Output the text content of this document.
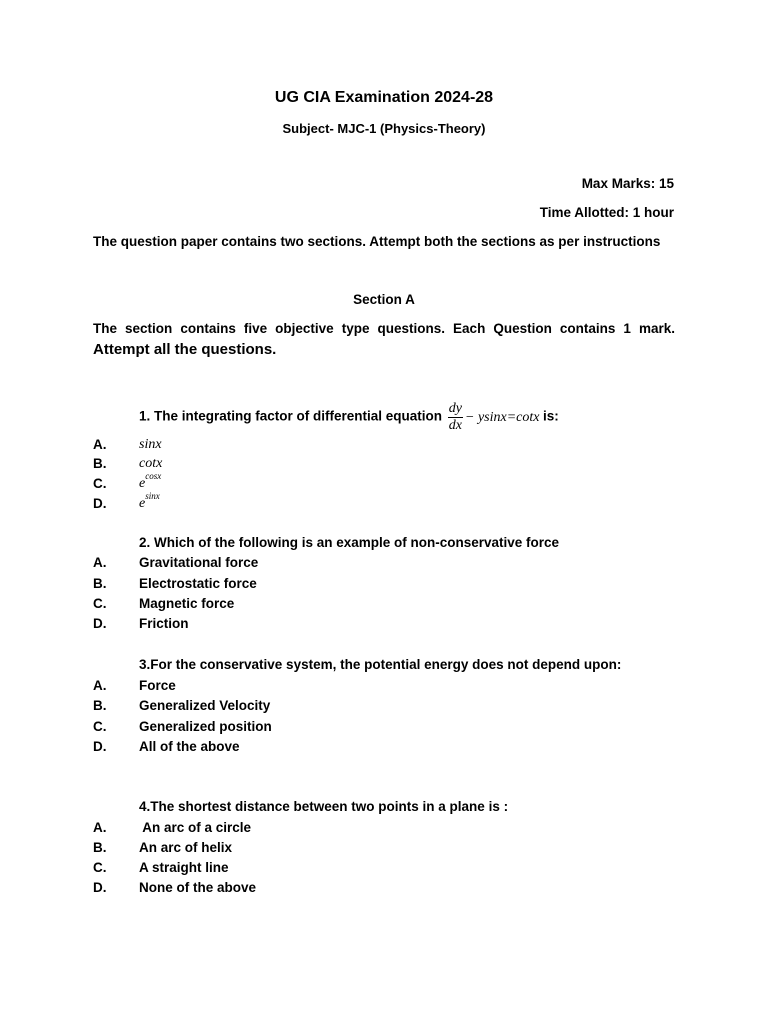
UG CIA Examination 2024-28
Subject- MJC-1 (Physics-Theory)
Max Marks: 15
Time Allotted: 1 hour
The question paper contains two sections. Attempt both the sections as per instructions
Section A
The section contains five objective type questions. Each Question contains 1 mark.
Attempt all the questions.
1. The integrating factor of differential equation $\frac{dy}{dx} - ysinx=\cot x$ is:
A.	sinx
B.	cotx
C.	$e^{cosx}$
D.	$e^{sinx}$
2. Which of the following is an example of non-conservative force
A.	Gravitational force
B.	Electrostatic force
C.	Magnetic force
D.	Friction
3.For the conservative system, the potential energy does not depend upon:
A.	Force
B.	Generalized Velocity
C.	Generalized position
D.	All of the above
4.The shortest distance between two points in a plane is :
A.	An arc of a circle
B.	An arc of helix
C.	A straight line
D.	None of the above
